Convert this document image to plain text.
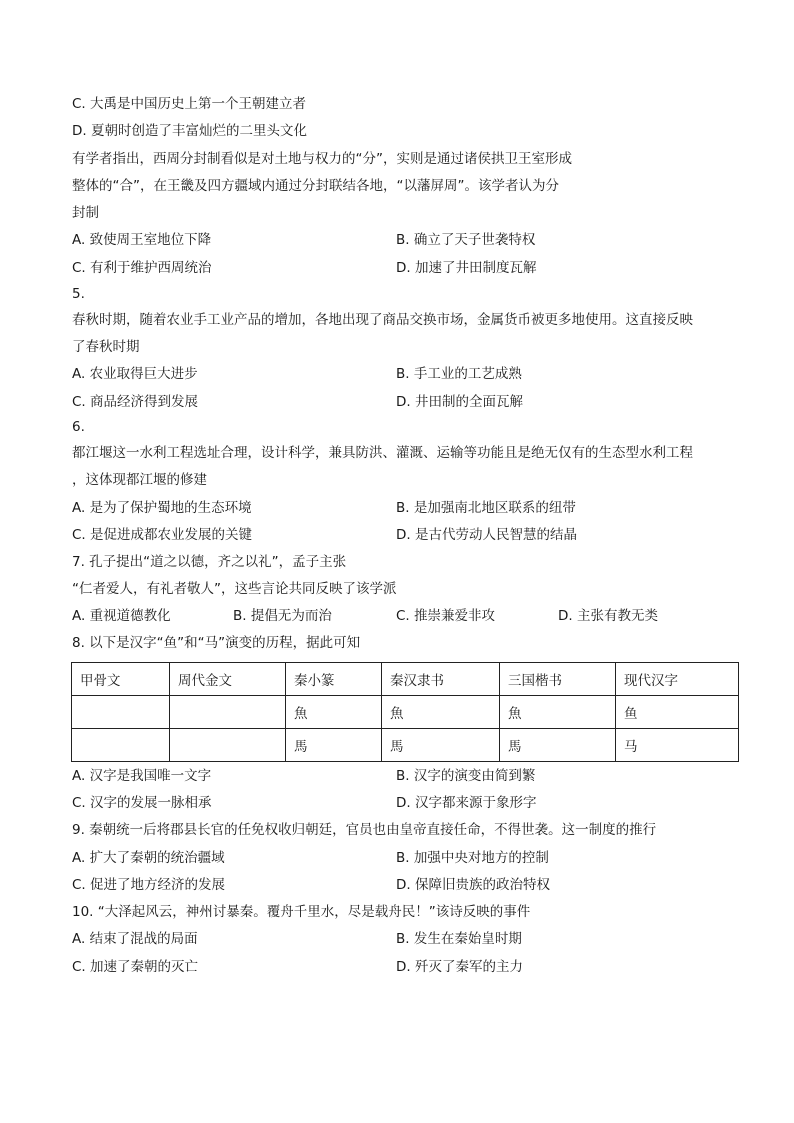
C. 大禹是中国历史上第一个王朝建立者
D. 夏朝时创造了丰富灿烂的二里头文化
有学者指出，西周分封制看似是对土地与权力的“分”，实则是通过诸侯拱卫王室形成
整体的“合”，在王畿及四方疆域内通过分封联结各地，“以藩屏周”。该学者认为分
封制
A. 致使周王室地位下降	B. 确立了天子世袭特权
C. 有利于维护西周统治	D. 加速了井田制度瓦解
5.
春秋时期，随着农业手工业产品的增加，各地出现了商品交换市场，金属货币被更多地使用。这直接反映
了春秋时期
A. 农业取得巨大进步	B. 手工业的工艺成熟
C. 商品经济得到发展	D. 井田制的全面瓦解
6.
都江堰这一水利工程选址合理，设计科学，兼具防洪、灌溉、运输等功能且是绝无仅有的生态型水利工程
，这体现都江堰的修建
A. 是为了保护蜀地的生态环境	B. 是加强南北地区联系的纽带
C. 是促进成都农业发展的关键	D. 是古代劳动人民智慧的结晶
7. 孔子提出“道之以德，齐之以礼”，孟子主张
“仁者爱人，有礼者敬人”，这些言论共同反映了该学派
A. 重视道德教化	B. 提倡无为而治	C. 推崇兼爱非攻	D. 主张有教无类
8. 以下是汉字“鱼”和“马”演变的历程，据此可知
甲骨文	周代金文	秦小篆	秦汉隶书	三国楷书	现代汉字
		魚	魚	魚	鱼
		馬	馬	馬	马
A. 汉字是我国唯一文字	B. 汉字的演变由简到繁
C. 汉字的发展一脉相承	D. 汉字都来源于象形字
9. 秦朝统一后将郡县长官的任免权收归朝廷，官员也由皇帝直接任命，不得世袭。这一制度的推行
A. 扩大了秦朝的统治疆域	B. 加强中央对地方的控制
C. 促进了地方经济的发展	D. 保障旧贵族的政治特权
10. “大泽起风云，神州讨暴秦。覆舟千里水，尽是载舟民！”该诗反映的事件
A. 结束了混战的局面	B. 发生在秦始皇时期
C. 加速了秦朝的灭亡	D. 歼灭了秦军的主力
